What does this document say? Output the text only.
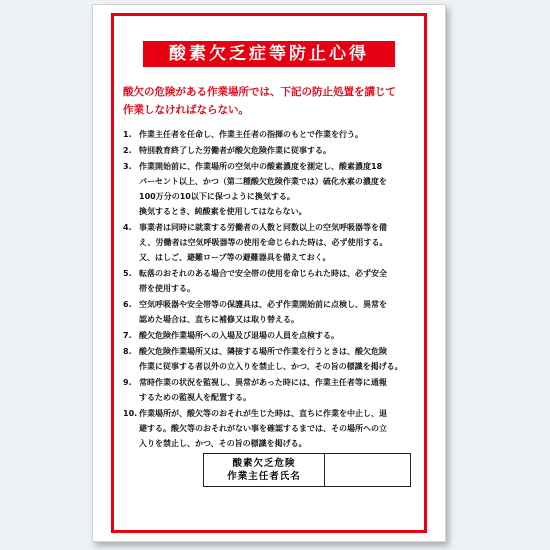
酸素欠乏症等防止心得
酸欠の危険がある作業場所では、下記の防止処置を講じて
作業しなければならない。
1. 作業主任者を任命し、作業主任者の指揮のもとで作業を行う。
2. 特別教育終了した労働者が酸欠危険作業に従事する。
3. 作業開始前に、作業場所の空気中の酸素濃度を測定し、酸素濃度18
パーセント以上、かつ（第二種酸欠危険作業では）硫化水素の濃度を
100万分の10以下に保つように換気する。
換気するとき、純酸素を使用してはならない。
4. 事業者は同時に就業する労働者の人数と同数以上の空気呼吸器等を備
え、労働者は空気呼吸器等の使用を命じられた時は、必ず使用する。
又、はしご、避難ロープ等の避難器具を備えておく。
5. 転落のおそれのある場合で安全帯の使用を命じられた時は、必ず安全
帯を使用する。
6. 空気呼吸器や安全帯等の保護具は、必ず作業開始前に点検し、異常を
認めた場合は、直ちに補修又は取り替える。
7. 酸欠危険作業場所への入場及び退場の人員を点検する。
8. 酸欠危険作業場所又は、隣接する場所で作業を行うときは、酸欠危険
作業に従事する者以外の立入りを禁止し、かつ、その旨の標識を掲げる。
9. 常時作業の状況を監視し、異常があった時には、作業主任者等に通報
するための監視人を配置する。
10. 作業場所が、酸欠等のおそれが生じた時は、直ちに作業を中止し、退
避する。酸欠等のおそれがない事を確認するまでは、その場所への立
入りを禁止し、かつ、その旨の標識を掲げる。
酸素欠乏危険
作業主任者氏名
